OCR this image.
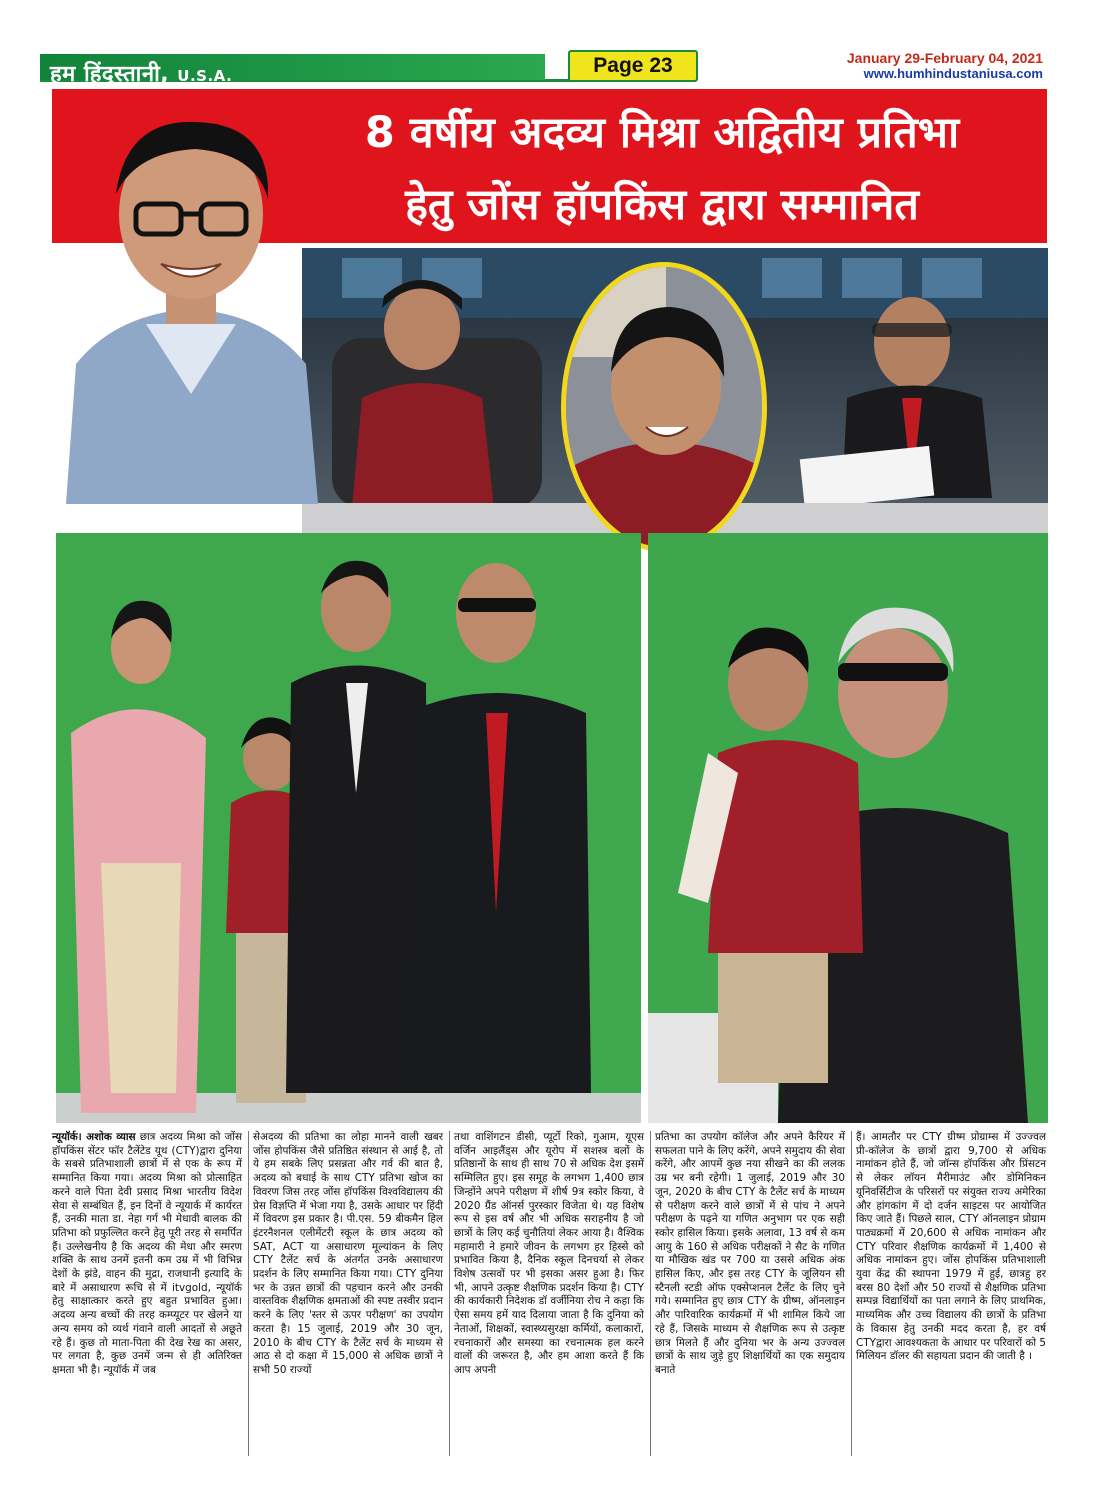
हम हिंदुस्तानी, U.S.A.	Page 23	January 29-February 04, 2021
www.humhindustaniusa.com
8 वर्षीय अदव्य मिश्रा अद्वितीय प्रतिभा
हेतु जोंस हॉपकिंस द्वारा सम्मानित
न्यूयॉर्क। अशोक व्यास छात्र अदव्य मिश्रा को जोंस हॉपकिंस सेंटर फॉर टैलेंटेड यूथ (CTY)द्वारा दुनिया के सबसे प्रतिभाशाली छात्रों में से एक के रूप में सम्मानित किया गया। अदव्य मिश्रा को प्रोत्साहित करने वाले पिता देवी प्रसाद मिश्रा भारतीय विदेश सेवा से सम्बंधित हैं, इन दिनों वे न्यूयार्क में कार्यरत हैं, उनकी माता डा. नेहा गर्ग भी मेधावी बालक की प्रतिभा को प्रफुल्लित करने हेतु पूरी तरह से समर्पित हैं। उल्लेखनीय है कि अदव्य की मेधा और स्मरण शक्ति के साथ उनमें इतनी कम उम्र में भी विभिन्न देशों के झंडे, वाहन की मुद्रा, राजधानी इत्यादि के बारे में असाधारण रूचि से में itvgold, न्यूयॉर्क हेतु साक्षात्कार करते हुए बहुत प्रभावित हुआ। अदव्य अन्य बच्चों की तरह कम्प्यूटर पर खेलने या अन्य समय को व्यर्थ गंवाने वाली आदतों से अछूते रहे हैं। कुछ तो माता-पिता की देख रेख का असर, पर लगता है, कुछ उनमें जन्म से ही अतिरिक्त क्षमता भी है। न्यूयॉर्क में जब
सेअदव्य की प्रतिभा का लोहा मानने वाली खबर जोंस होपकिंस जैसे प्रतिष्ठित संस्थान से आई है, तो ये हम सबके लिए प्रसन्नता और गर्व की बात है, अदव्य को बधाई के साथ CTY प्रतिभा खोज का विवरण जिस तरह जोंस हॉपकिंस विश्वविद्यालय की प्रेस विज्ञप्ति में भेजा गया है, उसके आधार पर हिंदी में विवरण इस प्रकार है। पी.एस. 59 बीकमैन हिल इंटरनैशनल एलीमेंटरी स्कूल के छात्र अदव्य को SAT, ACT या असाधारण मूल्यांकन के लिए CTY टैलेंट सर्च के अंतर्गत उनके असाधारण प्रदर्शन के लिए सम्मानित किया गया। CTY दुनिया भर के उन्नत छात्रों की पहचान करने और उनकी वास्तविक शैक्षणिक क्षमताओं की स्पष्ट तस्वीर प्रदान करने के लिए 'स्तर से ऊपर परीक्षण' का उपयोग करता है। 15 जुलाई, 2019 और 30 जून, 2010 के बीच CTY के टैलेंट सर्च के माध्यम से आठ से दो कक्षा में 15,000 से अधिक छात्रों ने सभी 50 राज्यों
तथा वाशिंगटन डीसी, प्यूर्टो रिको, गुआम, यूएस वर्जिन आइलैंड्स और यूरोप में सशस्त्र बलों के प्रतिष्ठानों के साथ ही साथ 70 से अधिक देश इसमें सम्मिलित हुए। इस समूह के लगभग 1,400 छात्र जिन्होंने अपने परीक्षण में शीर्ष 9त्र स्कोर किया, वे 2020 ग्रैंड ऑनर्स पुरस्कार विजेता थे। यह विशेष रूप से इस वर्ष और भी अधिक सराहनीय है जो छात्रों के लिए कई चुनौतियां लेकर आया है। वैश्विक महामारी ने हमारे जीवन के लगभग हर हिस्से को प्रभावित किया है, दैनिक स्कूल दिनचर्या से लेकर विशेष उत्सवों पर भी इसका असर हुआ है। फिर भी, आपने उत्कृष्ट शैक्षणिक प्रदर्शन किया है। CTY की कार्यकारी निदेशक डॉ वर्जीनिया रोच ने कहा कि ऐसा समय हमें याद दिलाया जाता है कि दुनिया को नेताओं, शिक्षकों, स्वास्थ्यसुरक्षा कर्मियों, कलाकारों, रचनाकारों और समस्या का रचनात्मक हल करने वालों की जरूरत है, और हम आशा करते हैं कि आप अपनी
प्रतिभा का उपयोग कॉलेज और अपने कैरियर में सफलता पाने के लिए करेंगे, अपने समुदाय की सेवा करेंगे, और आपमें कुछ नया सीखने का की ललक उम्र भर बनी रहेगी। 1 जुलाई, 2019 और 30 जून, 2020 के बीच CTY के टैलेंट सर्च के माध्यम से परीक्षण करने वाले छात्रों में से पांच ने अपने परीक्षण के पढ़ने या गणित अनुभाग पर एक सही स्कोर हासिल किया। इसके अलावा, 13 वर्ष से कम आयु के 160 से अधिक परीक्षकों ने सैट के गणित या मौखिक खंड पर 700 या उससे अधिक अंक हासिल किए, और इस तरह CTY के जूलियन सी स्टैनली स्टडी ऑफ एक्सेप्शनल टैलेंट के लिए चुने गये। सम्मानित हुए छात्र CTY के ग्रीष्म, ऑनलाइन और पारिवारिक कार्यक्रमों में भी शामिल किये जा रहे हैं, जिसके माध्यम से शैक्षणिक रूप से उत्कृष्ट छात्र मिलते हैं और दुनिया भर के अन्य उज्ज्वल छात्रों के साथ जुड़े हुए शिक्षार्थियों का एक समुदाय बनाते
हैं। आमतौर पर CTY ग्रीष्म प्रोग्राम्स में उज्ज्वल प्री-कॉलेज के छात्रों द्वारा 9,700 से अधिक नामांकन होते हैं, जो जॉन्स हॉपकिंस और प्रिंसटन से लेकर लॉयन मैरीमाउंट और डोमिनिकन यूनिवर्सिटीज के परिसरों पर संयुक्त राज्य अमेरिका और हांगकांग में दो दर्जन साइटस पर आयोजित किए जाते हैं। पिछले साल, CTY ऑनलाइन प्रोग्राम पाठ्यक्रमों में 20,600 से अधिक नामांकन और CTY परिवार शैक्षणिक कार्यक्रमों में 1,400 से अधिक नामांकन हुए। जोंस होपकिंस प्रतिभाशाली युवा केंद्र की स्थापना 1979 में हुई, छात्रहु हर बरस 80 देशों और 50 राज्यों से शैक्षणिक प्रतिभा सम्पन्न विद्यार्थियों का पता लगाने के लिए प्राथमिक, माध्यमिक और उच्च विद्यालय की छात्रों के प्रतिभा के विकास हेतु उनकी मदद करता है, हर वर्ष CTYद्वारा आवश्यकता के आधार पर परिवारों को 5 मिलियन डॉलर की सहायता प्रदान की जाती है ।
